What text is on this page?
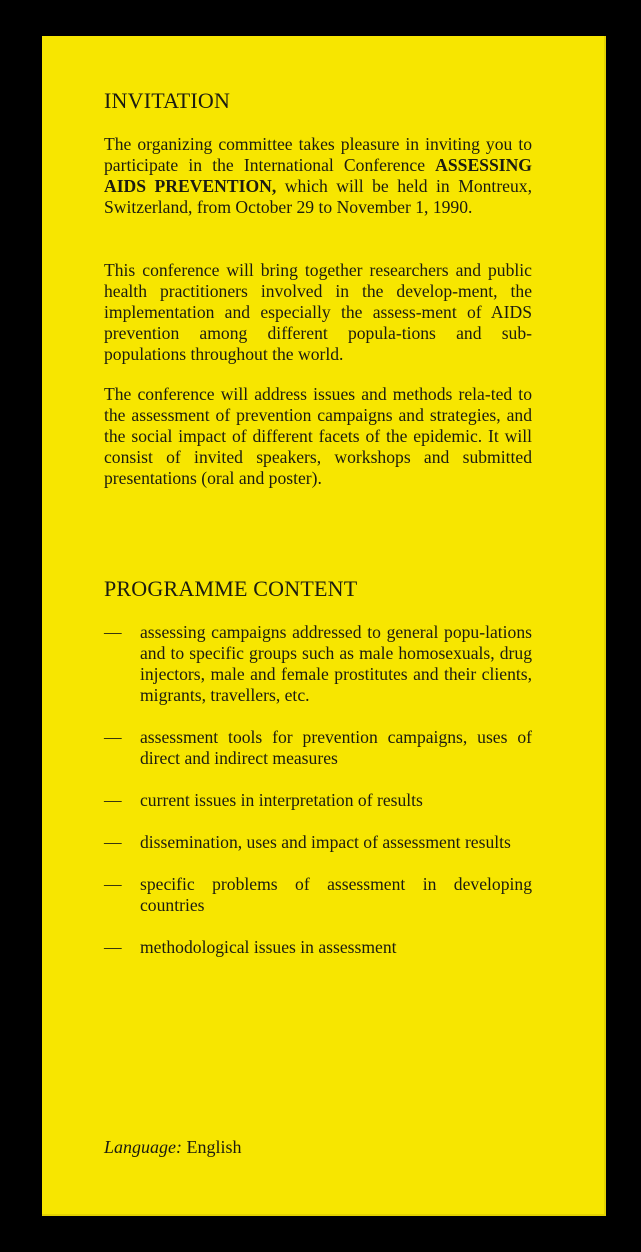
INVITATION

The organizing committee takes pleasure in inviting you to participate in the International Conference ASSESSING AIDS PREVENTION, which will be held in Montreux, Switzerland, from October 29 to November 1, 1990.

This conference will bring together researchers and public health practitioners involved in the develop-ment, the implementation and especially the assess-ment of AIDS prevention among different popula-tions and sub-populations throughout the world.

The conference will address issues and methods rela-ted to the assessment of prevention campaigns and strategies, and the social impact of different facets of the epidemic. It will consist of invited speakers, workshops and submitted presentations (oral and poster).

PROGRAMME CONTENT
— assessing campaigns addressed to general popu-lations and to specific groups such as male homosexuals, drug injectors, male and female prostitutes and their clients, migrants, travellers, etc.
— assessment tools for prevention campaigns, uses of direct and indirect measures
— current issues in interpretation of results
— dissemination, uses and impact of assessment results
— specific problems of assessment in developing countries
— methodological issues in assessment
Language: English
